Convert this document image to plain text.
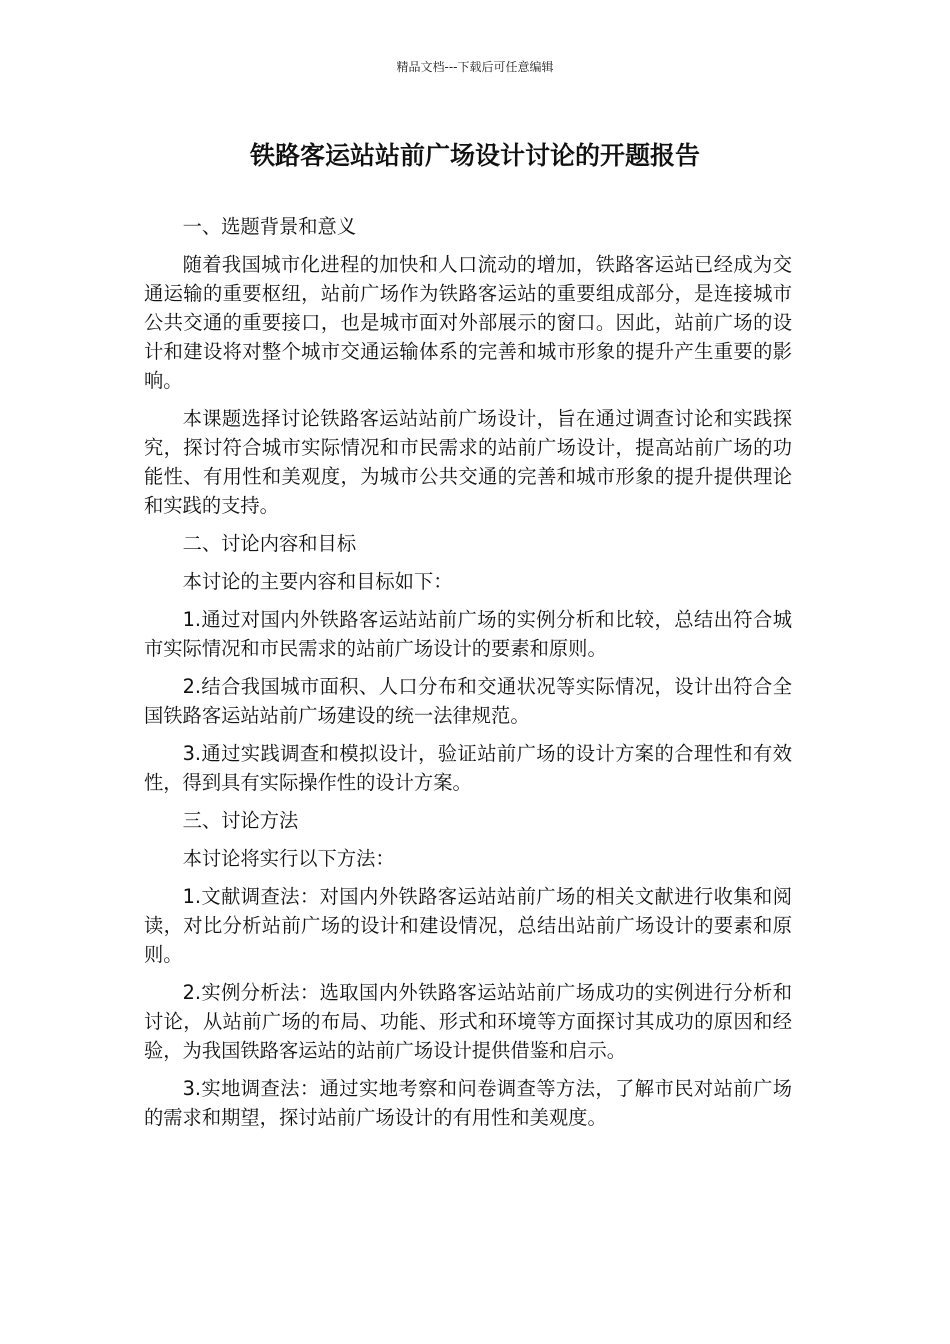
精品文档---下载后可任意编辑
铁路客运站站前广场设计讨论的开题报告

一、选题背景和意义

随着我国城市化进程的加快和人口流动的增加，铁路客运站已经成为交通运输的重要枢纽，站前广场作为铁路客运站的重要组成部分，是连接城市公共交通的重要接口，也是城市面对外部展示的窗口。因此，站前广场的设计和建设将对整个城市交通运输体系的完善和城市形象的提升产生重要的影响。

本课题选择讨论铁路客运站站前广场设计，旨在通过调查讨论和实践探究，探讨符合城市实际情况和市民需求的站前广场设计，提高站前广场的功能性、有用性和美观度，为城市公共交通的完善和城市形象的提升提供理论和实践的支持。

二、讨论内容和目标

本讨论的主要内容和目标如下：

1.通过对国内外铁路客运站站前广场的实例分析和比较，总结出符合城市实际情况和市民需求的站前广场设计的要素和原则。

2.结合我国城市面积、人口分布和交通状况等实际情况，设计出符合全国铁路客运站站前广场建设的统一法律规范。

3.通过实践调查和模拟设计，验证站前广场的设计方案的合理性和有效性，得到具有实际操作性的设计方案。

三、讨论方法

本讨论将实行以下方法：

1.文献调查法：对国内外铁路客运站站前广场的相关文献进行收集和阅读，对比分析站前广场的设计和建设情况，总结出站前广场设计的要素和原则。

2.实例分析法：选取国内外铁路客运站站前广场成功的实例进行分析和讨论，从站前广场的布局、功能、形式和环境等方面探讨其成功的原因和经验，为我国铁路客运站的站前广场设计提供借鉴和启示。

3.实地调查法：通过实地考察和问卷调查等方法，了解市民对站前广场的需求和期望，探讨站前广场设计的有用性和美观度。
